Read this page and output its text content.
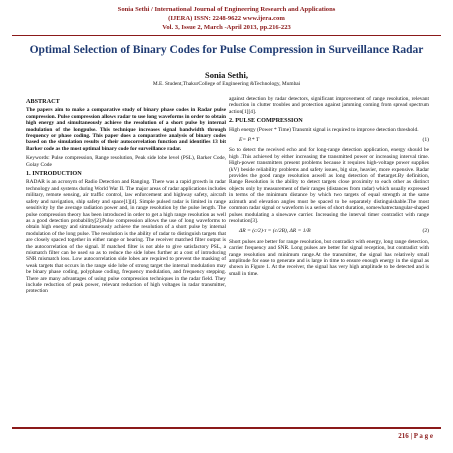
Sonia Sethi / International Journal of Engineering Research and Applications
(IJERA) ISSN: 2248-9622 www.ijera.com
Vol. 3, Issue 2, March -April 2013, pp.216-223
Optimal Selection of Binary Codes for Pulse Compression in Surveillance Radar
Sonia Sethi,
M.E. Student,ThakurCollege of Engineering &Technology, Mumbai
ABSTRACT

The papers aim to make a comparative study of binary phase codes in Radar pulse compression. Pulse compression allows radar to use long waveforms in order to obtain high energy and simultaneously achieve the resolution of a short pulse by internal modulation of the longpulse. This technique increases signal bandwidth through frequency or phase coding. This paper does a comparative analysis of binary codes based on the simulation results of their autocorrelation function and identifies 13 bit Barker code as the most optimal binary code for surveillance radar.

Keywords: Pulse compression, Range resolution, Peak side lobe level (PSL), Barker Code, Golay Code

1. INTRODUCTION

RADAR is an acronym of Radio Detection and Ranging. There was a rapid growth in radar technology and systems during World War II. The major areas of radar applications includes military, remote sensing, air traffic control, law enforcement and highway safety, aircraft safety and navigation, ship safety and space[1][4]. Simple pulsed radar is limited in range sensitivity by the average radiation power and, in range resolution by the pulse length. The pulse compression theory has been introduced in order to get a high range resolution as well as a good detection probability[2].Pulse compression allows the use of long waveforms to obtain high energy and simultaneously achieve the resolution of a short pulse by internal modulation of the long pulse. The resolution is the ability of radar to distinguish targets that are closely spaced together in either range or bearing. The receiver matched filter output is the autocorrelation of the signal. If matched filter is not able to give satisfactory PSL, a mismatch filter can be used so as to reduce the side lobes further at a cost of introducing SNR mismatch loss. Low autocorrelation side lobes are required to prevent the masking of weak targets that occurs in the range side lobe of strong target the internal modulation may be binary phase coding, polyphase coding, frequency modulation, and frequency stepping. There are many advantages of using pulse compression techniques in the radar field. They include reduction of peak power, relevant reduction of high voltages in radar transmitter, protection

against detection by radar detectors, significant improvement of range resolution, relevant reduction in clutter troubles and protection against jamming coming from spread spectrum action[1][4].

2. PULSE COMPRESSION

High energy (Power * Time) Transmit signal is required to improve detection threshold.

E= P.* T	(1)

So to detect the received echo and for long-range detection application, energy should be high .This achieved by either increasing the transmitted power or increasing interval time. High-power transmitters present problems because it requires high-voltage power supplies (kV) beside reliability problems and safety issues, big size, heavier, more expensive. Radar provides the good range resolution aswell as long detection of thetarget.By definition, Range Resolution is the ability to detect targets close proximity to each other as distinct objects only by measurement of their ranges (distances from radar) which usually expressed in terms of the minimum distance by which two targets of equal strength at the same azimuth and elevation angles must be spaced to be separately distinguishable.The most common radar signal or waveform is a series of short duration, somewhatrectangular-shaped pulses modulating a sinewave carrier. Increasing the interval timer contradict with range resolution[3].

ΔR = (c/2)·τ = (c/2B), ΔR = 1/B	(2)

Short pulses are better for range resolution, but contradict with energy, long range detection, carrier frequency and SNR. Long pulses are better for signal reception, but contradict with range resolution and minimum range.At the transmitter, the signal has relatively small amplitude for ease to generate and is large in time to ensure enough energy in the signal as shown in Figure 1. At the receiver, the signal has very high amplitude to be detected and is small in time.

216 | P a g e
